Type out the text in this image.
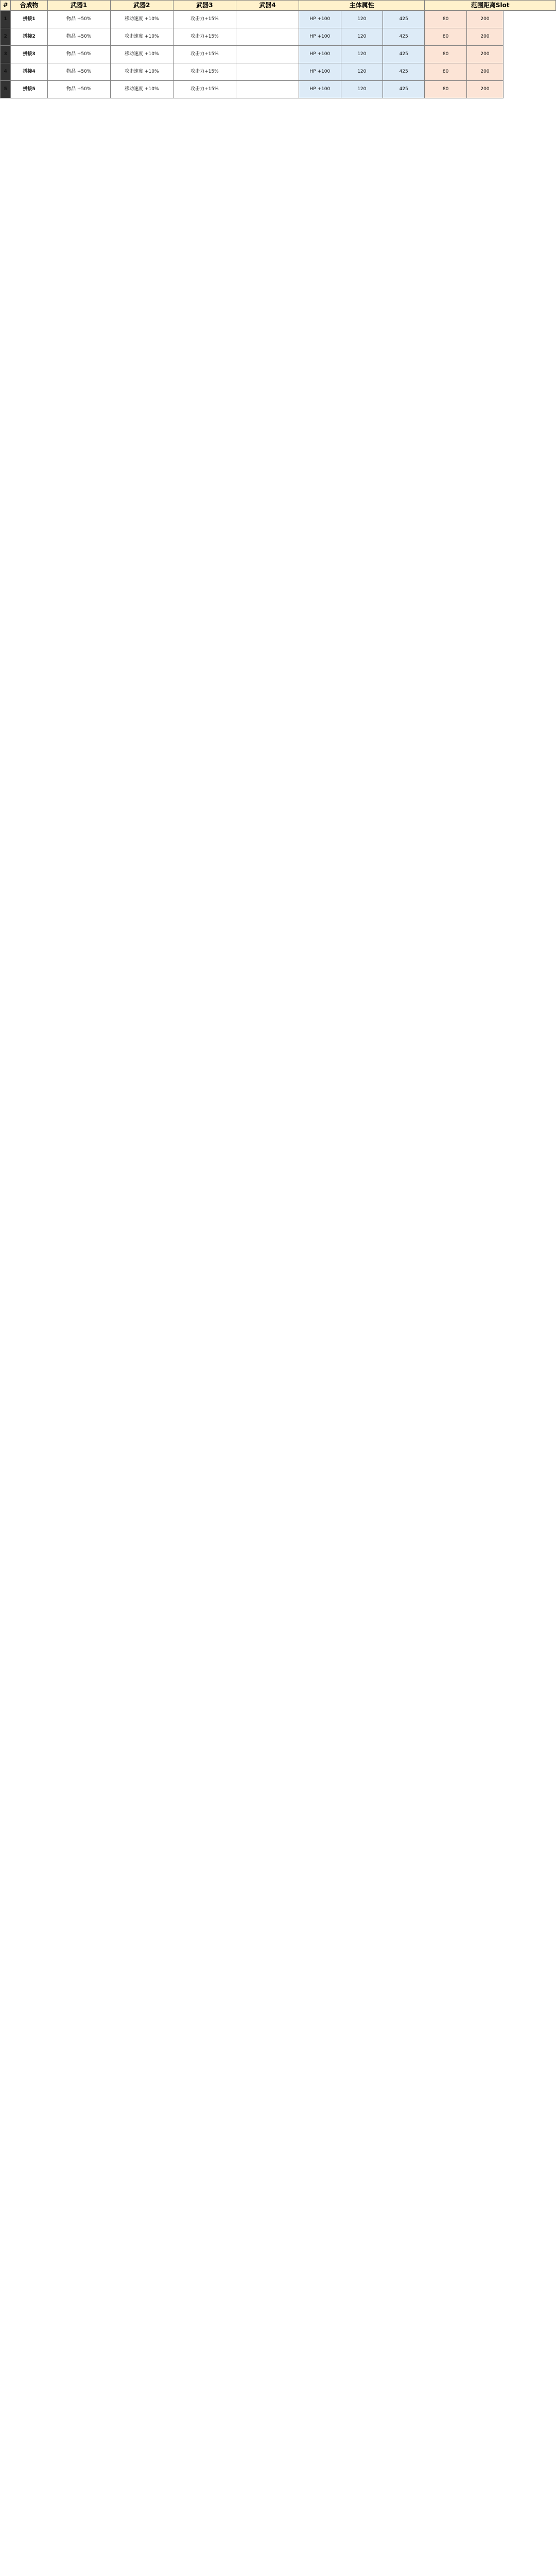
#	合成物	武器1	武器2	武器3	武器4	主体属性			范围距离Slot	
1	拼接1	物品 +50%	移动速度 +10%	攻击力+15%		HP +100	120	425	80	200
2	拼接2	物品 +50%	攻击速度 +10%	攻击力+15%		HP +100	120	425	80	200
3	拼接3	物品 +50%	移动速度 +10%	攻击力+15%		HP +100	120	425	80	200
4	拼接4	物品 +50%	攻击速度 +10%	攻击力+15%		HP +100	120	425	80	200
5	拼接5	物品 +50%	移动速度 +10%	攻击力+15%		HP +100	120	425	80	200
